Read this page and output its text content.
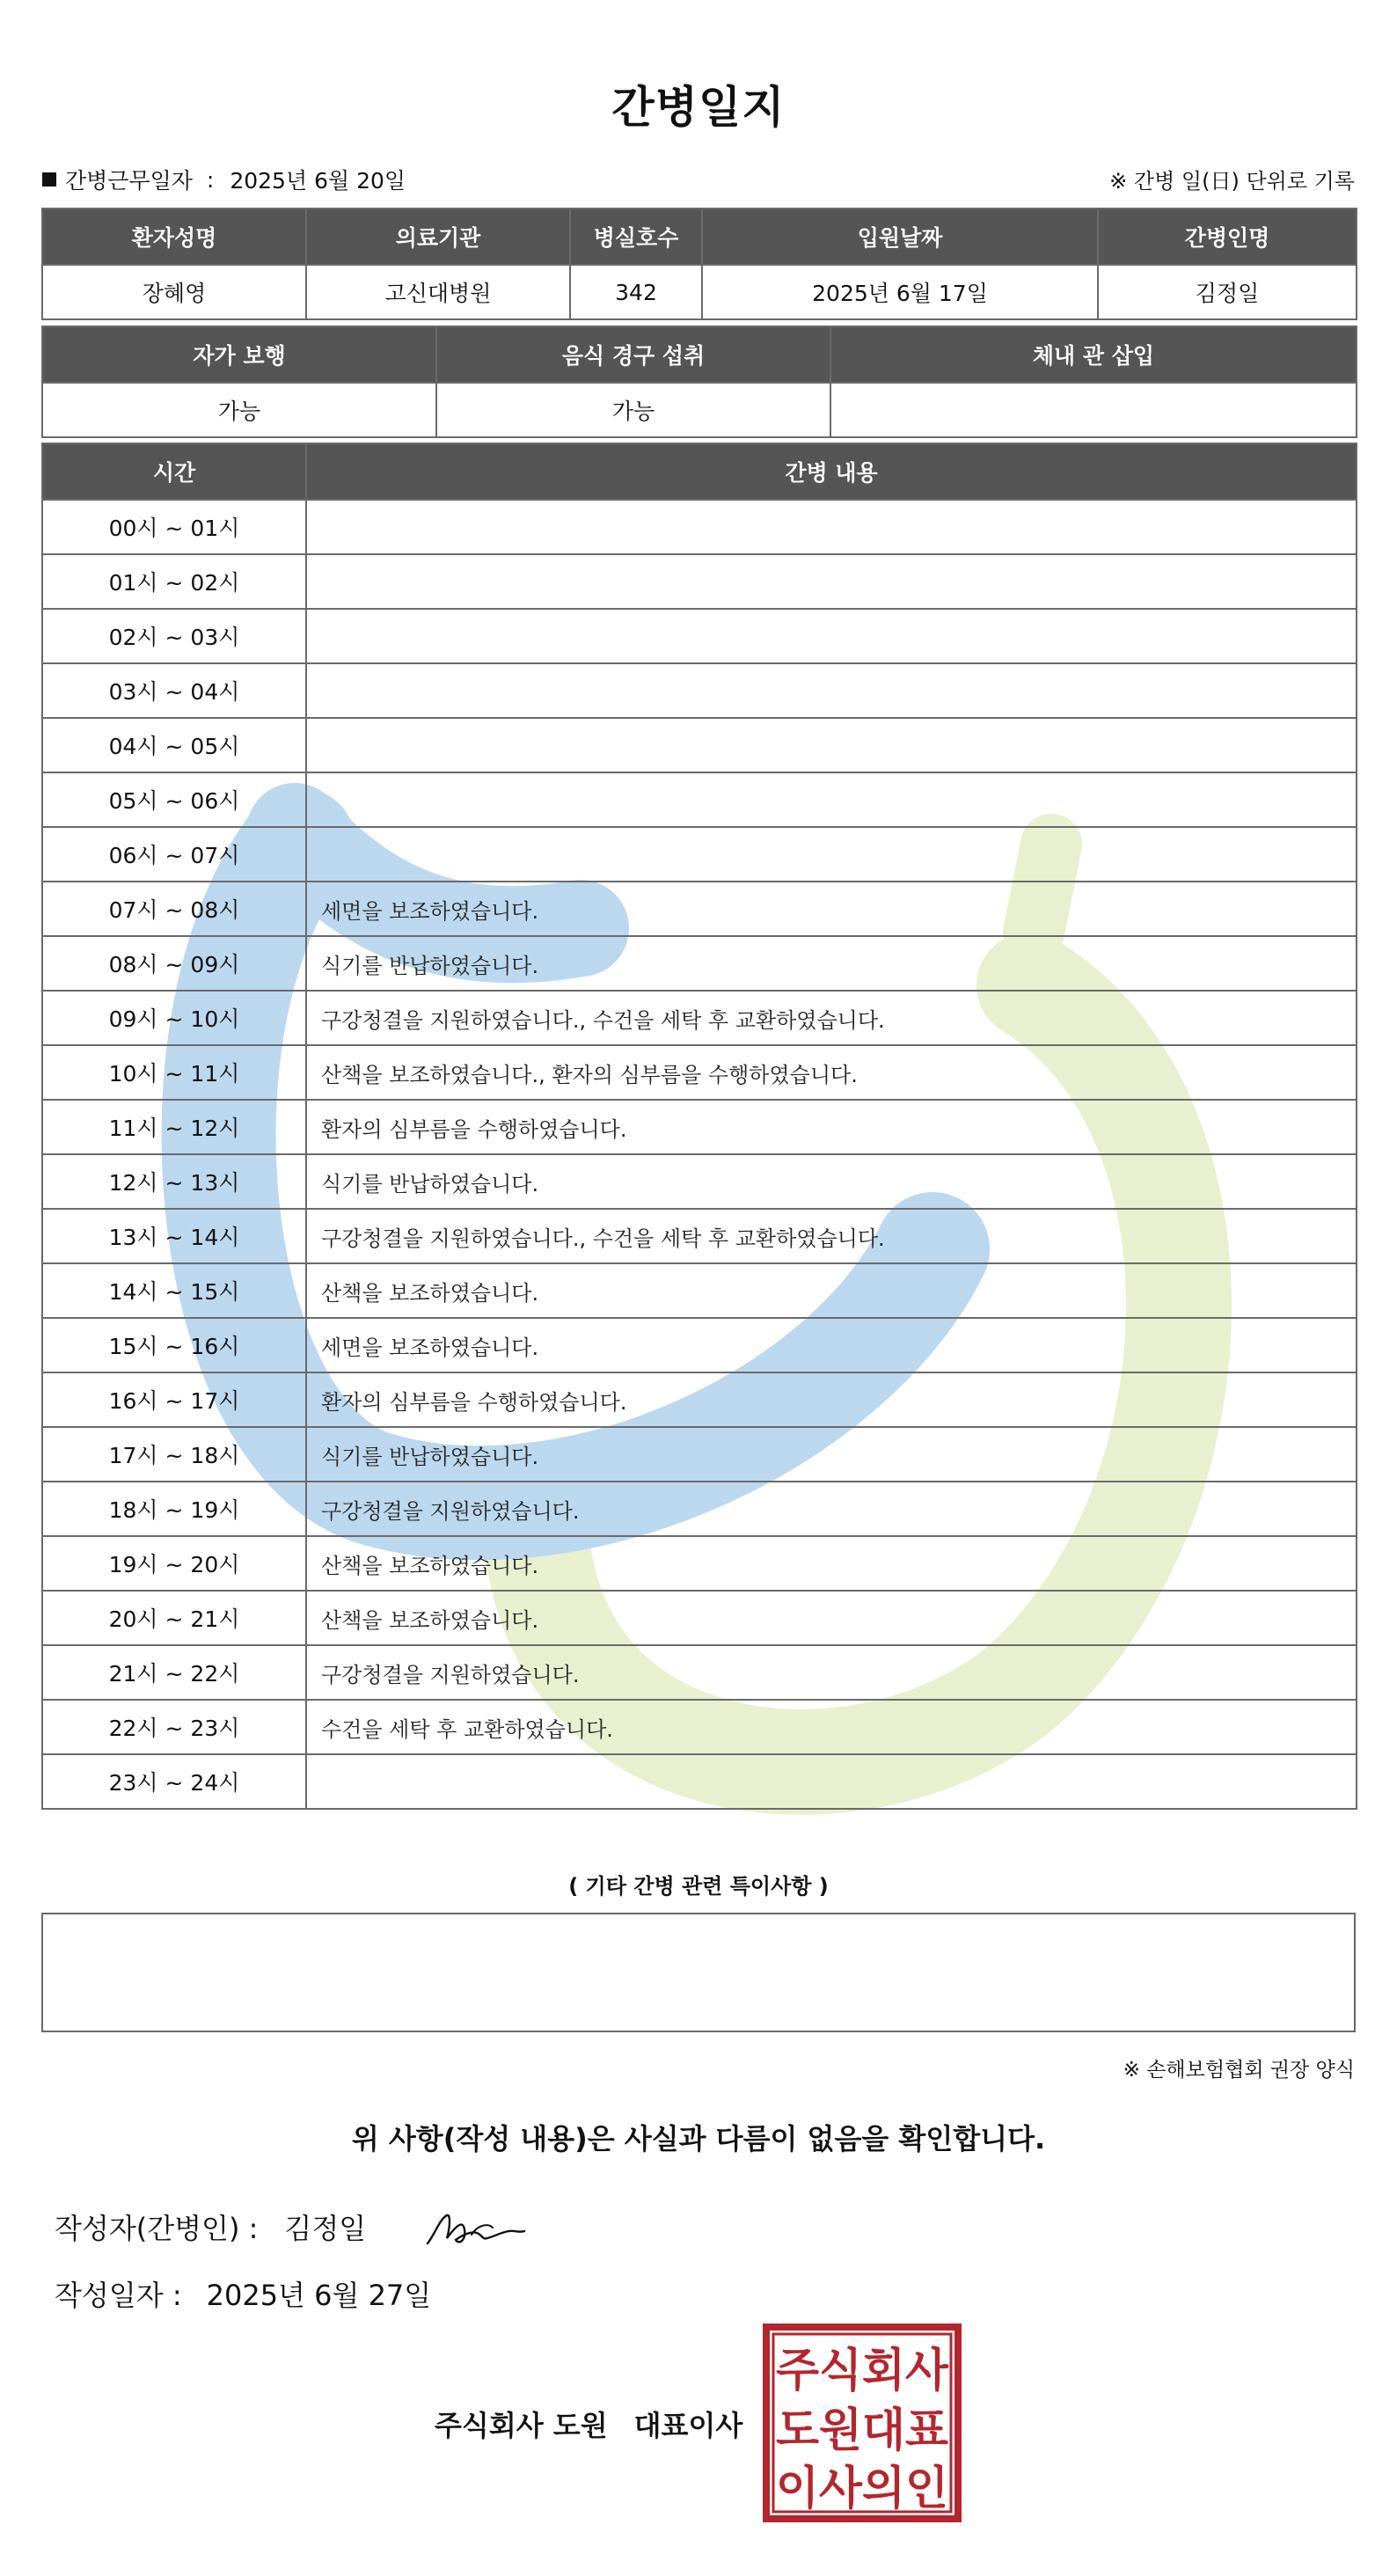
간병일지
간병근무일자 : 2025년 6월 20일	※ 간병 일(日) 단위로 기록
환자성명	의료기관	병실호수	입원날짜	간병인명
장혜영	고신대병원	342	2025년 6월 17일	김정일
자가 보행	음식 경구 섭취	체내 관 삽입
가능	가능	
시간	간병 내용
00시 ~ 01시	
01시 ~ 02시	
02시 ~ 03시	
03시 ~ 04시	
04시 ~ 05시	
05시 ~ 06시	
06시 ~ 07시	
07시 ~ 08시	세면을 보조하였습니다.
08시 ~ 09시	식기를 반납하였습니다.
09시 ~ 10시	구강청결을 지원하였습니다., 수건을 세탁 후 교환하였습니다.
10시 ~ 11시	산책을 보조하였습니다., 환자의 심부름을 수행하였습니다.
11시 ~ 12시	환자의 심부름을 수행하였습니다.
12시 ~ 13시	식기를 반납하였습니다.
13시 ~ 14시	구강청결을 지원하였습니다., 수건을 세탁 후 교환하였습니다.
14시 ~ 15시	산책을 보조하였습니다.
15시 ~ 16시	세면을 보조하였습니다.
16시 ~ 17시	환자의 심부름을 수행하였습니다.
17시 ~ 18시	식기를 반납하였습니다.
18시 ~ 19시	구강청결을 지원하였습니다.
19시 ~ 20시	산책을 보조하였습니다.
20시 ~ 21시	산책을 보조하였습니다.
21시 ~ 22시	구강청결을 지원하였습니다.
22시 ~ 23시	수건을 세탁 후 교환하였습니다.
23시 ~ 24시	
( 기타 간병 관련 특이사항 )
※ 손해보험협회 권장 양식
위 사항(작성 내용)은 사실과 다름이 없음을 확인합니다.
작성자(간병인) : 김정일
작성일자 : 2025년 6월 27일
주식회사 도원 대표이사
주식회사
도원대표
이사의인
